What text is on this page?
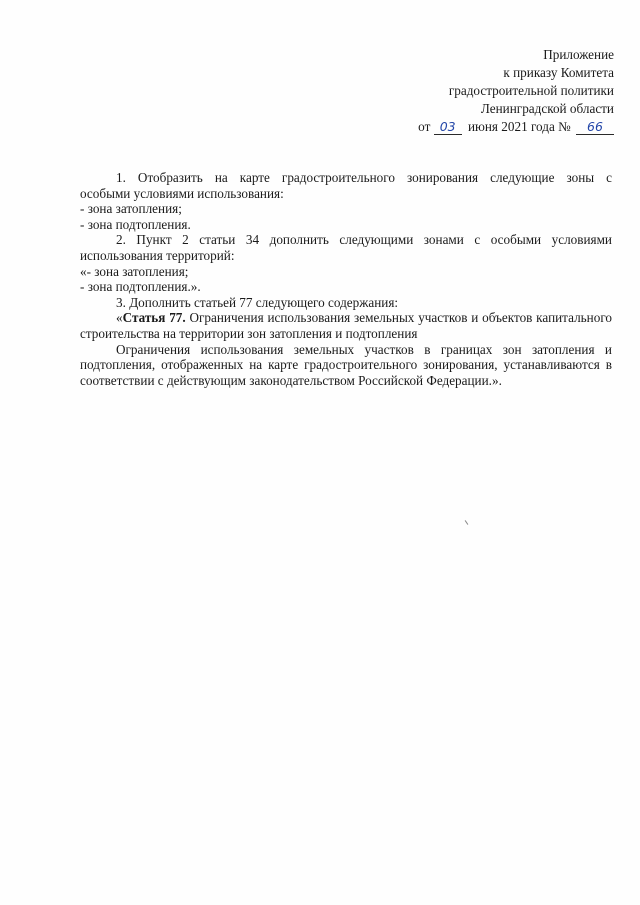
Приложение
к приказу Комитета
градостроительной политики
Ленинградской области
от 03 июня 2021 года № 66

1. Отобразить на карте градостроительного зонирования следующие зоны с

особыми условиями использования:

- зона затопления;

- зона подтопления.

2. Пункт 2 статьи 34 дополнить следующими зонами с особыми условиями использования территорий:

«- зона затопления;

- зона подтопления.».

3. Дополнить статьей 77 следующего содержания:

«Статья 77. Ограничения использования земельных участков и объектов капитального строительства на территории зон затопления и подтопления

Ограничения использования земельных участков в границах зон затопления и подтопления, отображенных на карте градостроительного зонирования, устанавливаются в соответствии с действующим законодательством Российской Федерации.».
